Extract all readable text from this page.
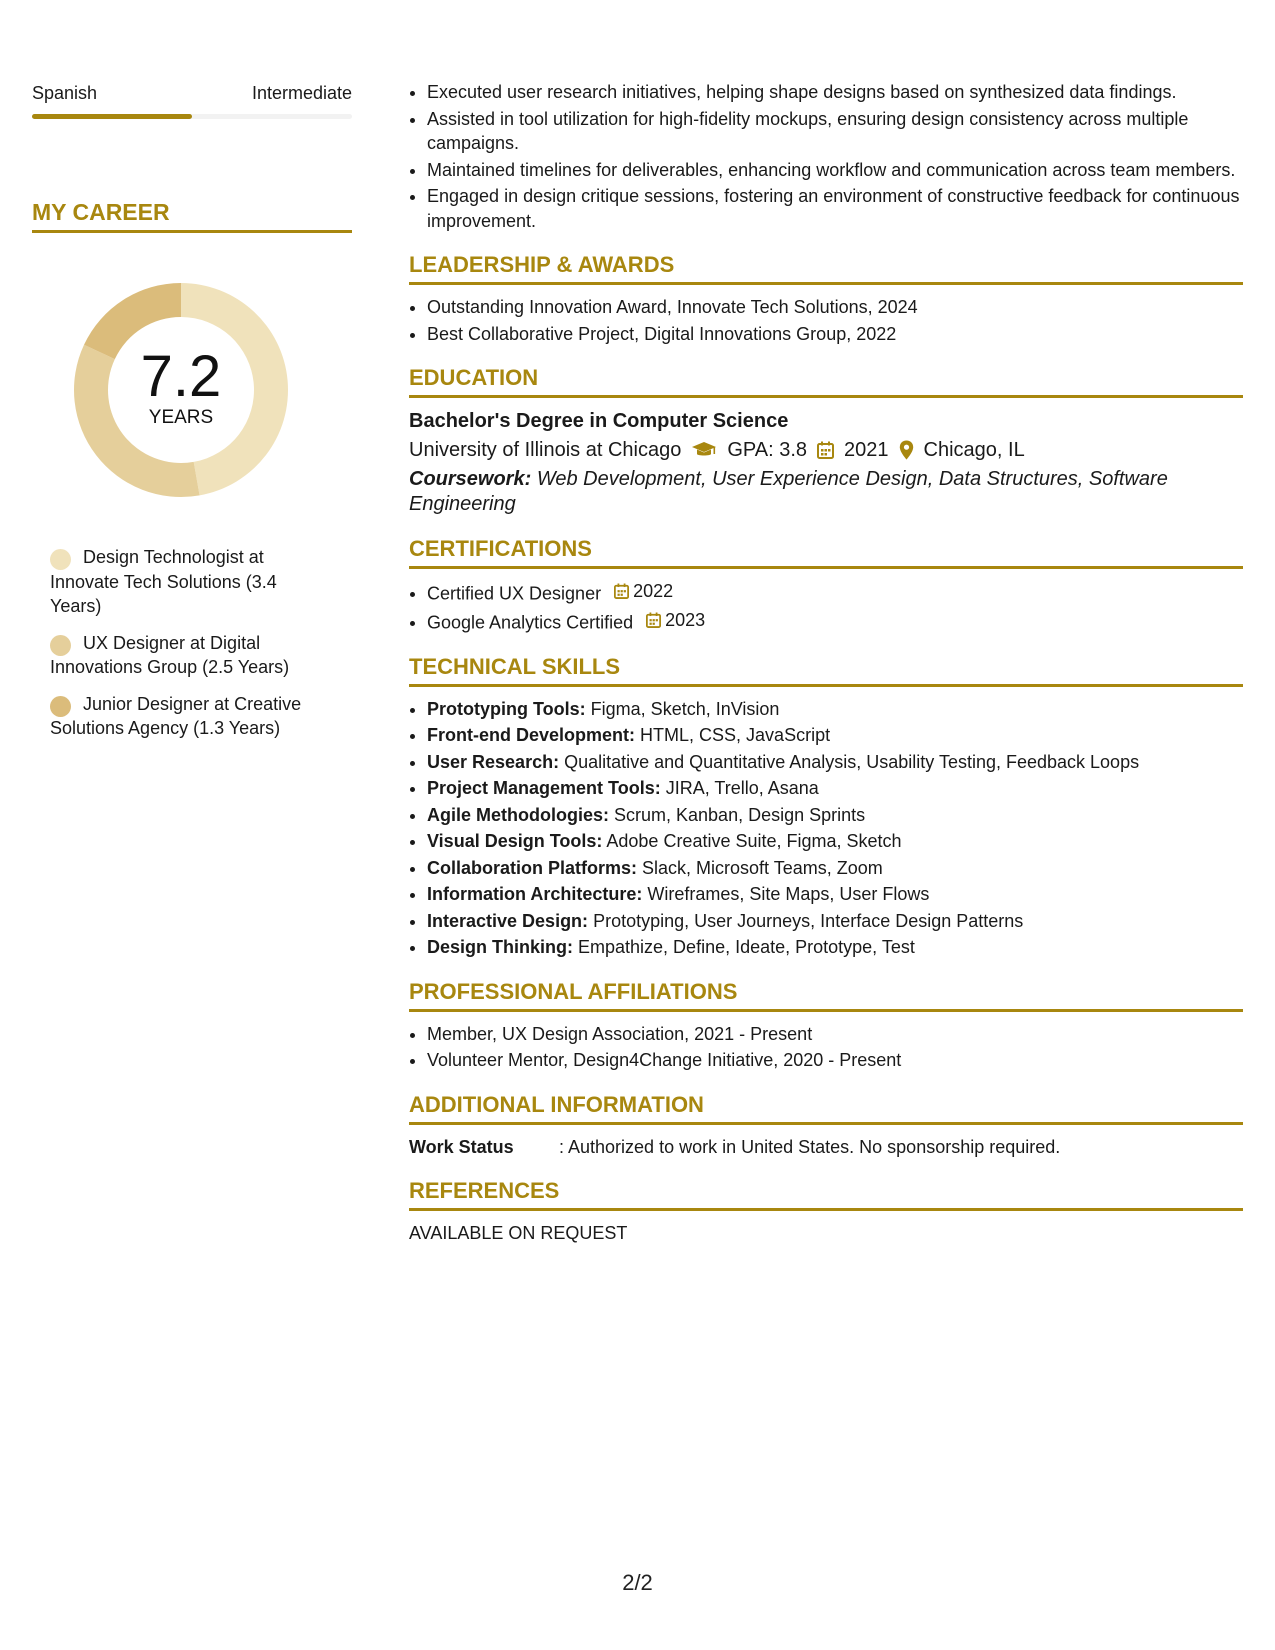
Spanish	Intermediate
MY CAREER
7.2
YEARS
Design Technologist at Innovate Tech Solutions (3.4 Years)
UX Designer at Digital Innovations Group (2.5 Years)
Junior Designer at Creative Solutions Agency (1.3 Years)
• Executed user research initiatives, helping shape designs based on synthesized data findings.
• Assisted in tool utilization for high-fidelity mockups, ensuring design consistency across multiple campaigns.
• Maintained timelines for deliverables, enhancing workflow and communication across team members.
• Engaged in design critique sessions, fostering an environment of constructive feedback for continuous improvement.
LEADERSHIP & AWARDS
• Outstanding Innovation Award, Innovate Tech Solutions, 2024
• Best Collaborative Project, Digital Innovations Group, 2022
EDUCATION
Bachelor's Degree in Computer Science
University of Illinois at Chicago GPA: 3.8 2021 Chicago, IL
Coursework: Web Development, User Experience Design, Data Structures, Software Engineering
CERTIFICATIONS
• Certified UX Designer 2022
• Google Analytics Certified 2023
TECHNICAL SKILLS
• Prototyping Tools: Figma, Sketch, InVision
• Front-end Development: HTML, CSS, JavaScript
• User Research: Qualitative and Quantitative Analysis, Usability Testing, Feedback Loops
• Project Management Tools: JIRA, Trello, Asana
• Agile Methodologies: Scrum, Kanban, Design Sprints
• Visual Design Tools: Adobe Creative Suite, Figma, Sketch
• Collaboration Platforms: Slack, Microsoft Teams, Zoom
• Information Architecture: Wireframes, Site Maps, User Flows
• Interactive Design: Prototyping, User Journeys, Interface Design Patterns
• Design Thinking: Empathize, Define, Ideate, Prototype, Test
PROFESSIONAL AFFILIATIONS
• Member, UX Design Association, 2021 - Present
• Volunteer Mentor, Design4Change Initiative, 2020 - Present
ADDITIONAL INFORMATION
Work Status	: Authorized to work in United States. No sponsorship required.
REFERENCES
AVAILABLE ON REQUEST
2/2
